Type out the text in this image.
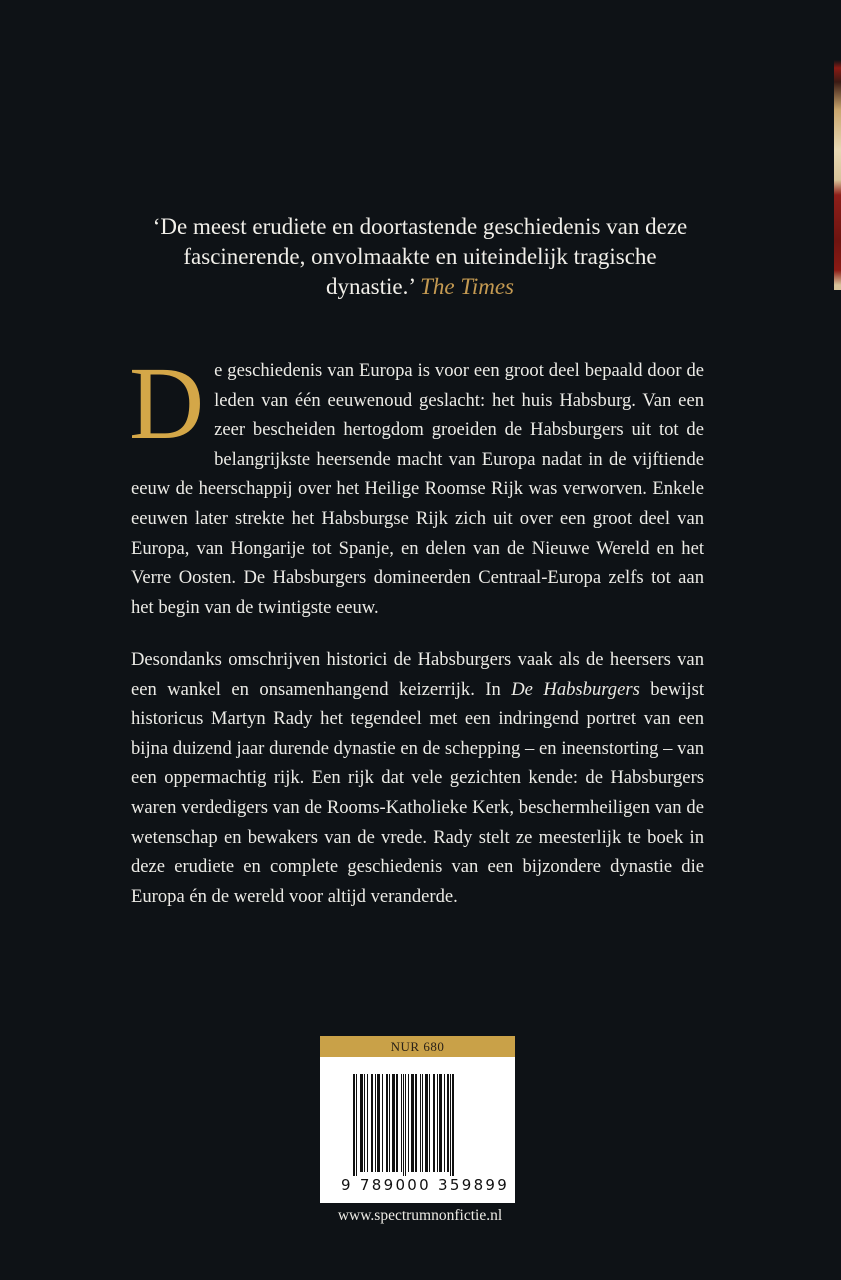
‘De meest erudiete en doortastende geschiedenis van deze fascinerende, onvolmaakte en uiteindelijk tragische dynastie.’ The Times
D e geschiedenis van Europa is voor een groot deel bepaald door de leden van één eeuwenoud geslacht: het huis Habsburg. Van een zeer bescheiden hertogdom groeiden de Habsburgers uit tot de belangrijkste heersende macht van Europa nadat in de vijftiende eeuw de heerschappij over het Heilige Roomse Rijk was verworven. Enkele eeuwen later strekte het Habsburgse Rijk zich uit over een groot deel van Europa, van Hongarije tot Spanje, en delen van de Nieuwe Wereld en het Verre Oosten. De Habsburgers domineerden Centraal-Europa zelfs tot aan het begin van de twintigste eeuw.

Desondanks omschrijven historici de Habsburgers vaak als de heersers van een wankel en onsamenhangend keizerrijk. In De Habsburgers bewijst historicus Martyn Rady het tegendeel met een indringend portret van een bijna duizend jaar durende dynastie en de schepping – en ineenstorting – van een oppermachtig rijk. Een rijk dat vele gezichten kende: de Habsburgers waren verdedigers van de Rooms-Katholieke Kerk, beschermheiligen van de wetenschap en bewakers van de vrede. Rady stelt ze meesterlijk te boek in deze erudiete en complete geschiedenis van een bijzondere dynastie die Europa én de wereld voor altijd veranderde.

NUR 680
9 789000 359899
www.spectrumnonfictie.nl
